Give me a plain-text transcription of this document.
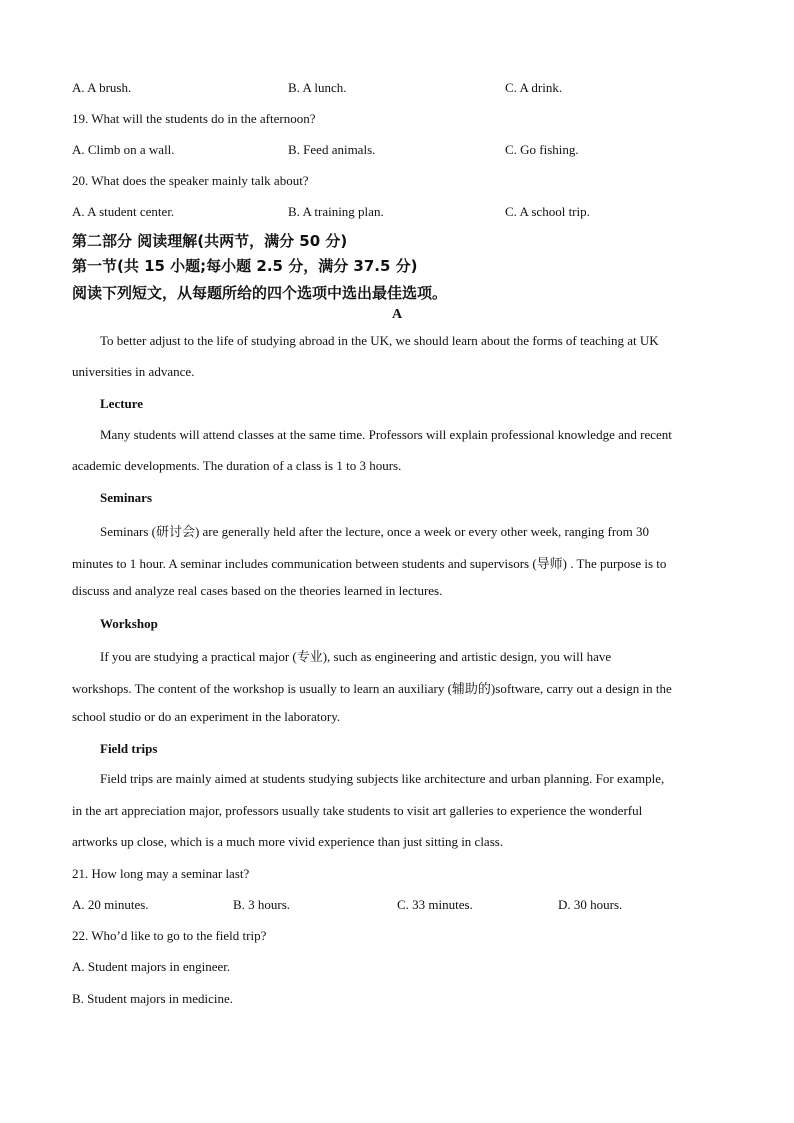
A. A brush.	B. A lunch.	C. A drink.
19. What will the students do in the afternoon?
A. Climb on a wall.	B. Feed animals.	C. Go fishing.
20. What does the speaker mainly talk about?
A. A student center.	B. A training plan.	C. A school trip.
第二部分 阅读理解(共两节，满分 50 分)
第一节(共 15 小题;每小题 2.5 分，满分 37.5 分)
阅读下列短文，从每题所给的四个选项中选出最佳选项。
A
To better adjust to the life of studying abroad in the UK, we should learn about the forms of teaching at UK
universities in advance.
Lecture
Many students will attend classes at the same time. Professors will explain professional knowledge and recent
academic developments. The duration of a class is 1 to 3 hours.
Seminars
Seminars (研讨会) are generally held after the lecture, once a week or every other week, ranging from 30
minutes to 1 hour. A seminar includes communication between students and supervisors (导师) . The purpose is to
discuss and analyze real cases based on the theories learned in lectures.
Workshop
If you are studying a practical major (专业), such as engineering and artistic design, you will have
workshops. The content of the workshop is usually to learn an auxiliary (辅助的)software, carry out a design in the
school studio or do an experiment in the laboratory.
Field trips
Field trips are mainly aimed at students studying subjects like architecture and urban planning. For example,
in the art appreciation major, professors usually take students to visit art galleries to experience the wonderful
artworks up close, which is a much more vivid experience than just sitting in class.
21. How long may a seminar last?
A. 20 minutes.	B. 3 hours.	C. 33 minutes.	D. 30 hours.
22. Who’d like to go to the field trip?
A. Student majors in engineer.
B. Student majors in medicine.
